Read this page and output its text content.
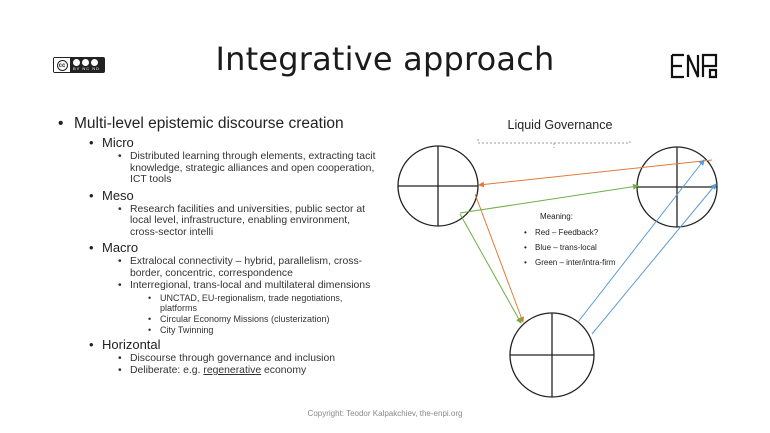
cc	BY NC ND	Integrative approach
• Multi-level epistemic discourse creation
• Micro
• Distributed learning through elements, extracting tacit knowledge, strategic alliances and open cooperation, ICT tools
• Meso
• Research facilities and universities, public sector at local level, infrastructure, enabling environment, cross-sector intelli
• Macro
• Extralocal connectivity – hybrid, parallelism, cross-border, concentric, correspondence
• Interregional, trans-local and multilateral dimensions
• UNCTAD, EU-regionalism, trade negotiations, platforms
• Circular Economy Missions (clusterization)
• City Twinning
• Horizontal
• Discourse through governance and inclusion
• Deliberate: e.g. regenerative economy
Liquid Governance
Meaning:
• Red – Feedback?
• Blue – trans-local
• Green – inter/intra-firm
Copyright: Teodor Kalpakchiev, the-enpi.org
